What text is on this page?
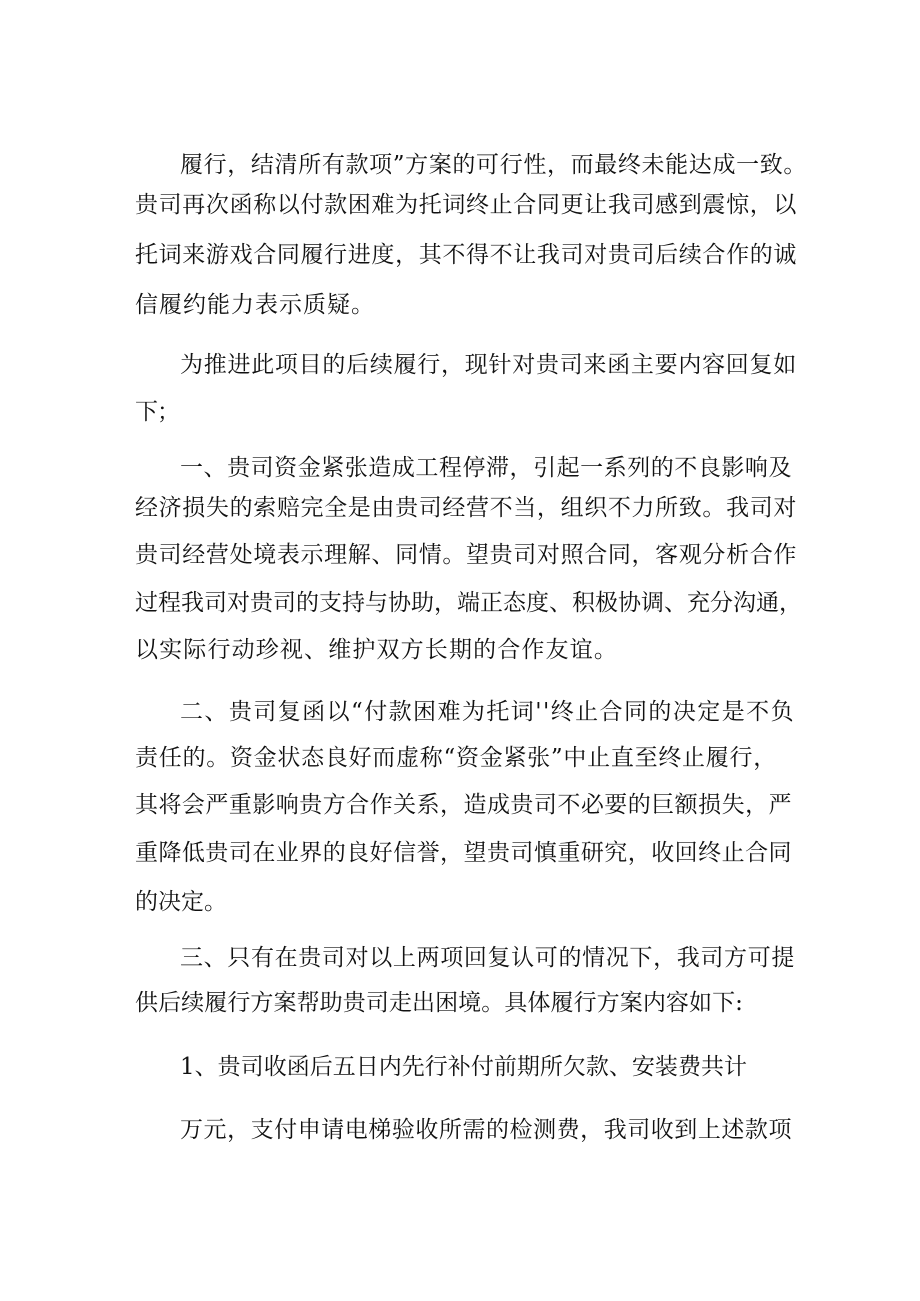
履行，结清所有款项”方案的可行性，而最终未能达成一致。
贵司再次函称以付款困难为托词终止合同更让我司感到震惊，以
托词来游戏合同履行进度，其不得不让我司对贵司后续合作的诚
信履约能力表示质疑。
为推进此项目的后续履行，现针对贵司来函主要内容回复如
下；
一、贵司资金紧张造成工程停滞，引起一系列的不良影响及
经济损失的索赔完全是由贵司经营不当，组织不力所致。我司对
贵司经营处境表示理解、同情。望贵司对照合同，客观分析合作
过程我司对贵司的支持与协助，端正态度、积极协调、充分沟通，
以实际行动珍视、维护双方长期的合作友谊。
二、贵司复函以“付款困难为托词''终止合同的决定是不负
责任的。资金状态良好而虚称“资金紧张”中止直至终止履行，
其将会严重影响贵方合作关系，造成贵司不必要的巨额损失，严
重降低贵司在业界的良好信誉，望贵司慎重研究，收回终止合同
的决定。
三、只有在贵司对以上两项回复认可的情况下，我司方可提
供后续履行方案帮助贵司走出困境。具体履行方案内容如下:
1、贵司收函后五日内先行补付前期所欠款、安装费共计
万元，支付申请电梯验收所需的检测费，我司收到上述款项
